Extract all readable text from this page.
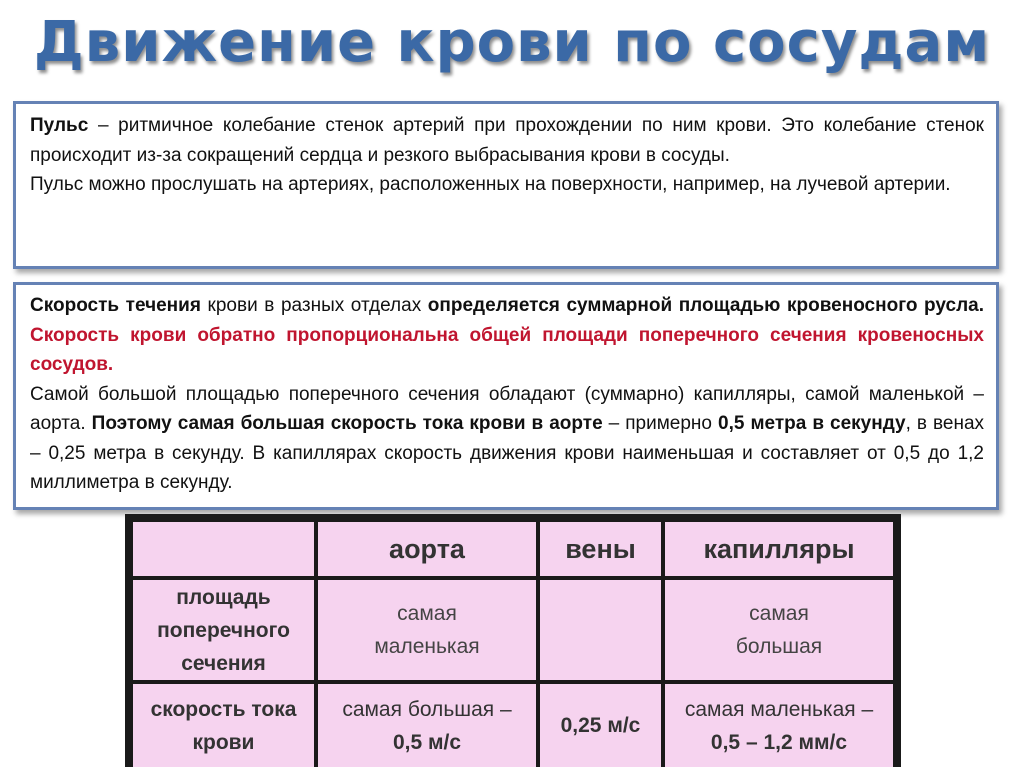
Движение крови по сосудам

Пульс – ритмичное колебание стенок артерий при прохождении по ним крови. Это колебание стенок происходит из-за сокращений сердца и резкого выбрасывания крови в сосуды.

Пульс можно прослушать на артериях, расположенных на поверхности, например, на лучевой артерии.

Скорость течения крови в разных отделах определяется суммарной площадью кровеносного русла. Скорость крови обратно пропорциональна общей площади поперечного сечения кровеносных сосудов.

Самой большой площадью поперечного сечения обладают (суммарно) капилляры, самой маленькой – аорта. Поэтому самая большая скорость тока крови в аорте – примерно 0,5 метра в секунду, в венах – 0,25 метра в секунду. В капиллярах скорость движения крови наименьшая и составляет от 0,5 до 1,2 миллиметра в секунду.

аорта	вены	капилляры
площадь
поперечного
сечения
самая
маленькая
самая
большая
скорость тока
крови
самая большая –
0,5 м/с
0,25 м/с
самая маленькая –
0,5 – 1,2 мм/с
